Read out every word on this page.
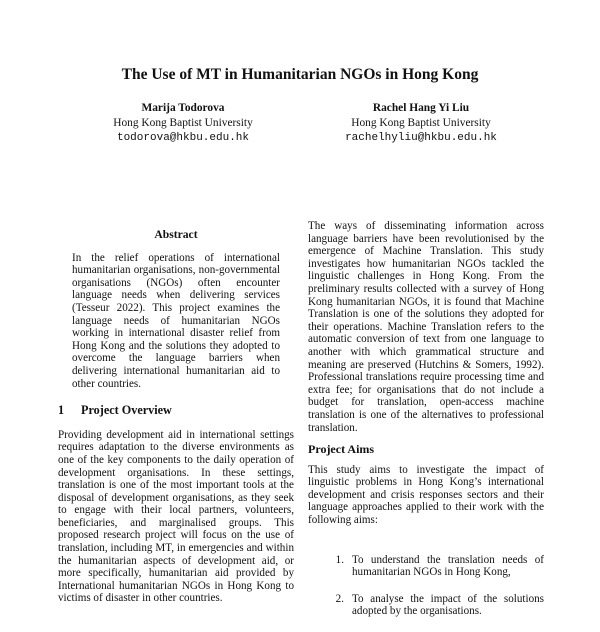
The Use of MT in Humanitarian NGOs in Hong Kong
Marija Todorova
Hong Kong Baptist University
todorova@hkbu.edu.hk
Rachel Hang Yi Liu
Hong Kong Baptist University
rachelhyliu@hkbu.edu.hk
Abstract
In the relief operations of international humanitarian organisations, non-governmental organisations (NGOs) often encounter language needs when delivering services (Tesseur 2022). This project examines the language needs of humanitarian NGOs working in international disaster relief from Hong Kong and the solutions they adopted to overcome the language barriers when delivering international humanitarian aid to other countries.
1 Project Overview
Providing development aid in international settings requires adaptation to the diverse environments as one of the key components to the daily operation of development organisations. In these settings, translation is one of the most important tools at the disposal of development organisations, as they seek to engage with their local partners, volunteers, beneficiaries, and marginalised groups. This proposed research project will focus on the use of translation, including MT, in emergencies and within the humanitarian aspects of development aid, or more specifically, humanitarian aid provided by International humanitarian NGOs in Hong Kong to victims of disaster in other countries.
The ways of disseminating information across language barriers have been revolutionised by the emergence of Machine Translation. This study investigates how humanitarian NGOs tackled the linguistic challenges in Hong Kong. From the preliminary results collected with a survey of Hong Kong humanitarian NGOs, it is found that Machine Translation is one of the solutions they adopted for their operations. Machine Translation refers to the automatic conversion of text from one language to another with which grammatical structure and meaning are preserved (Hutchins & Somers, 1992). Professional translations require processing time and extra fee; for organisations that do not include a budget for translation, open-access machine translation is one of the alternatives to professional translation.
Project Aims
This study aims to investigate the impact of linguistic problems in Hong Kong’s international development and crisis responses sectors and their language approaches applied to their work with the following aims:
1. To understand the translation needs of humanitarian NGOs in Hong Kong,
2. To analyse the impact of the solutions adopted by the organisations.
